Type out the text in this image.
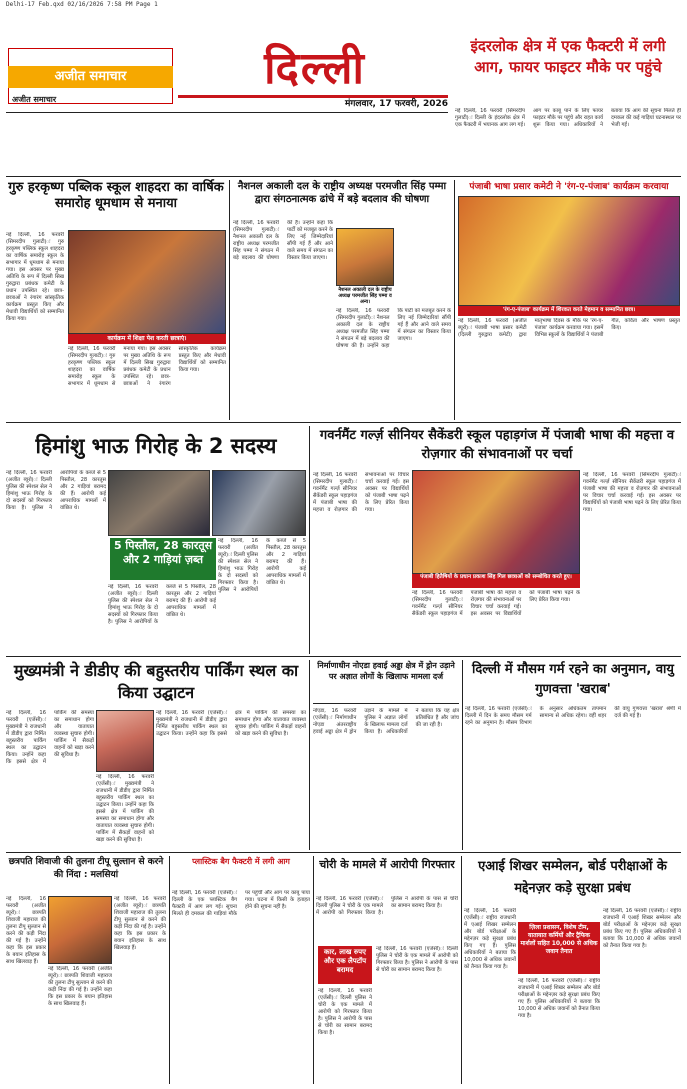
Delhi-17 Feb.qxd 02/16/2026 7:58 PM Page 1
अजीत समाचार
अजीत समाचार
दिल्ली
मंगलवार, 17 फरवरी, 2026
इंदरलोक क्षेत्र में एक फैक्टरी में लगी आग, फायर फाइटर मौके पर पहुंचे
नई दिल्ली, 16 फरवरी (सिमरदीप गुलाटी)ः दिल्ली के इंदरलोक क्षेत्र में एक फैक्टरी में भयानक आग लग गई। आग पर काबू पाने के लिए फायर फाइटर मौके पर पहुंचे और राहत कार्य शुरू किया गया। अधिकारियों ने बताया कि आग की सूचना मिलते ही दमकल की कई गाड़ियां घटनास्थल पर भेजी गईं।
गुरु हरकृष्ण पब्लिक स्कूल शाहदरा का वार्षिक समारोह धूमधाम से मनाया
कार्यक्रम में शिक्षा पेश करती छात्राएं।
नई दिल्ली, 16 फरवरी (सिमरदीप गुलाटी)ः गुरु हरकृष्ण पब्लिक स्कूल शाहदरा का वार्षिक समारोह स्कूल के सभागार में धूमधाम से मनाया गया। इस अवसर पर मुख्य अतिथि के रूप में दिल्ली सिख गुरुद्वारा प्रबंधक कमेटी के प्रधान उपस्थित रहे। छात्र-छात्राओं ने रंगारंग सांस्कृतिक कार्यक्रम प्रस्तुत किए और मेधावी विद्यार्थियों को सम्मानित किया गया।
नई दिल्ली, 16 फरवरी (सिमरदीप गुलाटी)ः गुरु हरकृष्ण पब्लिक स्कूल शाहदरा का वार्षिक समारोह स्कूल के सभागार में धूमधाम से मनाया गया। इस अवसर पर मुख्य अतिथि के रूप में दिल्ली सिख गुरुद्वारा प्रबंधक कमेटी के प्रधान उपस्थित रहे। छात्र-छात्राओं ने रंगारंग सांस्कृतिक कार्यक्रम प्रस्तुत किए और मेधावी विद्यार्थियों को सम्मानित किया गया।
नैशनल अकाली दल के राष्ट्रीय अध्यक्ष परमजीत सिंह पम्मा द्वारा संगठनात्मक ढांचे में बड़े बदलाव की घोषणा
नई दिल्ली, 16 फरवरी (सिमरदीप गुलाटी)ः नैशनल अकाली दल के राष्ट्रीय अध्यक्ष परमजीत सिंह पम्मा ने संगठन में बड़े बदलाव की घोषणा की है। उन्होंने कहा कि पार्टी को मजबूत करने के लिए नई जिम्मेदारियां सौंपी गई हैं और आने वाले समय में संगठन का विस्तार किया जाएगा।
नैशनल अकाली दल के राष्ट्रीय अध्यक्ष परमजीत सिंह पम्मा व अन्य।
नई दिल्ली, 16 फरवरी (सिमरदीप गुलाटी)ः नैशनल अकाली दल के राष्ट्रीय अध्यक्ष परमजीत सिंह पम्मा ने संगठन में बड़े बदलाव की घोषणा की है। उन्होंने कहा कि पार्टी को मजबूत करने के लिए नई जिम्मेदारियां सौंपी गई हैं और आने वाले समय में संगठन का विस्तार किया जाएगा।
पंजाबी भाषा प्रसार कमेटी ने 'रंग-ए-पंजाब' कार्यक्रम करवाया
'रंग-ए-पंजाब' कार्यक्रम में शिरकत करते मेहमान व सम्मानित छात्र।
नई दिल्ली, 16 फरवरी (अजीत ब्यूरो)ः पंजाबी भाषा प्रसार कमेटी (दिल्ली गुरुद्वारा कमेटी) द्वारा मातृभाषा दिवस के मौके पर 'रंग-ए-पंजाब' कार्यक्रम करवाया गया। इसमें विभिन्न स्कूलों के विद्यार्थियों ने पंजाबी गीत, कविता और भाषण प्रस्तुत किए।
हिमांशु भाऊ गिरोह के 2 सदस्य
नई दिल्ली, 16 फरवरी (अजीत ब्यूरो)ः दिल्ली पुलिस की स्पेशल सेल ने हिमांशु भाऊ गिरोह के दो सदस्यों को गिरफ्तार किया है। पुलिस ने आरोपियों के कब्जे से 5 पिस्तौल, 28 कारतूस और 2 गाड़ियां बरामद की हैं। आरोपी कई आपराधिक मामलों में वांछित थे।
5 पिस्तौल, 28 कारतूस और 2 गाड़ियां ज़ब्त
नई दिल्ली, 16 फरवरी (अजीत ब्यूरो)ः दिल्ली पुलिस की स्पेशल सेल ने हिमांशु भाऊ गिरोह के दो सदस्यों को गिरफ्तार किया है। पुलिस ने आरोपियों के कब्जे से 5 पिस्तौल, 28 कारतूस और 2 गाड़ियां बरामद की हैं। आरोपी कई आपराधिक मामलों में वांछित थे।
नई दिल्ली, 16 फरवरी (अजीत ब्यूरो)ः दिल्ली पुलिस की स्पेशल सेल ने हिमांशु भाऊ गिरोह के दो सदस्यों को गिरफ्तार किया है। पुलिस ने आरोपियों के कब्जे से 5 पिस्तौल, 28 कारतूस और 2 गाड़ियां बरामद की हैं। आरोपी कई आपराधिक मामलों में वांछित थे।
गवर्नमैंट गर्ल्ज़ सीनियर सैकेंडरी स्कूल पहाड़गंज में पंजाबी भाषा की महत्ता व रोज़गार की संभावनाओं पर चर्चा
नई दिल्ली, 16 फरवरी (सिमरदीप गुलाटी)ः गवर्नमैंट गर्ल्ज़ सीनियर सैकेंडरी स्कूल पहाड़गंज में पंजाबी भाषा की महत्ता व रोज़गार की संभावनाओं पर विचार चर्चा करवाई गई। इस अवसर पर विद्यार्थियों को पंजाबी भाषा पढ़ने के लिए प्रेरित किया गया।
पंजाबी हितैषियों के प्रधान प्रकाश सिंह गिल छात्राओं को सम्बोधित करते हुए।
नई दिल्ली, 16 फरवरी (सिमरदीप गुलाटी)ः गवर्नमैंट गर्ल्ज़ सीनियर सैकेंडरी स्कूल पहाड़गंज में पंजाबी भाषा की महत्ता व रोज़गार की संभावनाओं पर विचार चर्चा करवाई गई। इस अवसर पर विद्यार्थियों को पंजाबी भाषा पढ़ने के लिए प्रेरित किया गया।
नई दिल्ली, 16 फरवरी (सिमरदीप गुलाटी)ः गवर्नमैंट गर्ल्ज़ सीनियर सैकेंडरी स्कूल पहाड़गंज में पंजाबी भाषा की महत्ता व रोज़गार की संभावनाओं पर विचार चर्चा करवाई गई। इस अवसर पर विद्यार्थियों को पंजाबी भाषा पढ़ने के लिए प्रेरित किया गया।
मुख्यमंत्री ने डीडीए की बहुस्तरीय पार्किंग स्थल का किया उद्घाटन
नई दिल्ली, 16 फरवरी (एजेंसी)ः मुख्यमंत्री ने राजधानी में डीडीए द्वारा निर्मित बहुस्तरीय पार्किंग स्थल का उद्घाटन किया। उन्होंने कहा कि इससे क्षेत्र में पार्किंग की समस्या का समाधान होगा और यातायात व्यवस्था सुचारु होगी। पार्किंग में सैकड़ों वाहनों को खड़ा करने की सुविधा है।
नई दिल्ली, 16 फरवरी (एजेंसी)ः मुख्यमंत्री ने राजधानी में डीडीए द्वारा निर्मित बहुस्तरीय पार्किंग स्थल का उद्घाटन किया। उन्होंने कहा कि इससे क्षेत्र में पार्किंग की समस्या का समाधान होगा और यातायात व्यवस्था सुचारु होगी। पार्किंग में सैकड़ों वाहनों को खड़ा करने की सुविधा है।
नई दिल्ली, 16 फरवरी (एजेंसी)ः मुख्यमंत्री ने राजधानी में डीडीए द्वारा निर्मित बहुस्तरीय पार्किंग स्थल का उद्घाटन किया। उन्होंने कहा कि इससे क्षेत्र में पार्किंग की समस्या का समाधान होगा और यातायात व्यवस्था सुचारु होगी। पार्किंग में सैकड़ों वाहनों को खड़ा करने की सुविधा है।
निर्माणाधीन नोएडा हवाई अड्डा क्षेत्र में ड्रोन उड़ाने पर अज्ञात लोगों के खिलाफ मामला दर्ज
नोएडा, 16 फरवरी (एजेंसी)ः निर्माणाधीन नोएडा अंतरराष्ट्रीय हवाई अड्डा क्षेत्र में ड्रोन उड़ाने के मामले में पुलिस ने अज्ञात लोगों के खिलाफ मामला दर्ज किया है। अधिकारियों ने बताया कि यह क्षेत्र प्रतिबंधित है और जांच की जा रही है।
दिल्ली में मौसम गर्म रहने का अनुमान, वायु गुणवत्ता 'खराब'
नई दिल्ली, 16 फरवरी (एजेंसी)ः दिल्ली में दिन के समय मौसम गर्म रहने का अनुमान है। मौसम विभाग के अनुसार अधिकतम तापमान सामान्य से अधिक रहेगा। वहीं शहर की वायु गुणवत्ता 'खराब' श्रेणी में दर्ज की गई है।
छत्रपति शिवाजी की तुलना टीपू सुल्तान से करने की निंदा : मलसियां
नई दिल्ली, 16 फरवरी (अजीत ब्यूरो)ः छत्रपति शिवाजी महाराज की तुलना टीपू सुल्तान से करने की कड़ी निंदा की गई है। उन्होंने कहा कि इस प्रकार के बयान इतिहास के साथ खिलवाड़ हैं।
नई दिल्ली, 16 फरवरी (अजीत ब्यूरो)ः छत्रपति शिवाजी महाराज की तुलना टीपू सुल्तान से करने की कड़ी निंदा की गई है। उन्होंने कहा कि इस प्रकार के बयान इतिहास के साथ खिलवाड़ हैं।
नई दिल्ली, 16 फरवरी (अजीत ब्यूरो)ः छत्रपति शिवाजी महाराज की तुलना टीपू सुल्तान से करने की कड़ी निंदा की गई है। उन्होंने कहा कि इस प्रकार के बयान इतिहास के साथ खिलवाड़ हैं।
प्लास्टिक बैग फैक्टरी में लगी आग
नई दिल्ली, 16 फरवरी (एजेंसी)ः दिल्ली के एक प्लास्टिक बैग फैक्टरी में आग लग गई। सूचना मिलते ही दमकल की गाड़ियां मौके पर पहुंचीं और आग पर काबू पाया गया। घटना में किसी के हताहत होने की सूचना नहीं है।
चोरी के मामले में आरोपी गिरफ्तार
नई दिल्ली, 16 फरवरी (एजेंसी)ः दिल्ली पुलिस ने चोरी के एक मामले में आरोपी को गिरफ्तार किया है। पुलिस ने आरोपी के पास से चोरी का सामान बरामद किया है।
कार, लाख रुपए और एक लैपटॉप बरामद
नई दिल्ली, 16 फरवरी (एजेंसी)ः दिल्ली पुलिस ने चोरी के एक मामले में आरोपी को गिरफ्तार किया है। पुलिस ने आरोपी के पास से चोरी का सामान बरामद किया है।
नई दिल्ली, 16 फरवरी (एजेंसी)ः दिल्ली पुलिस ने चोरी के एक मामले में आरोपी को गिरफ्तार किया है। पुलिस ने आरोपी के पास से चोरी का सामान बरामद किया है।
एआई शिखर सम्मेलन, बोर्ड परीक्षाओं के मद्देनज़र कड़े सुरक्षा प्रबंध
नई दिल्ली, 16 फरवरी (एजेंसी)ः राष्ट्रीय राजधानी में एआई शिखर सम्मेलन और बोर्ड परीक्षाओं के मद्देनज़र कड़े सुरक्षा प्रबंध किए गए हैं। पुलिस अधिकारियों ने बताया कि 10,000 से अधिक जवानों को तैनात किया गया है।
ज़िला प्रशासन, विशेष टीम, यातायात कर्मियों और ट्रैफिक मार्शलों सहित 10,000 से अधिक जवान तैनात
नई दिल्ली, 16 फरवरी (एजेंसी)ः राष्ट्रीय राजधानी में एआई शिखर सम्मेलन और बोर्ड परीक्षाओं के मद्देनज़र कड़े सुरक्षा प्रबंध किए गए हैं। पुलिस अधिकारियों ने बताया कि 10,000 से अधिक जवानों को तैनात किया गया है।
नई दिल्ली, 16 फरवरी (एजेंसी)ः राष्ट्रीय राजधानी में एआई शिखर सम्मेलन और बोर्ड परीक्षाओं के मद्देनज़र कड़े सुरक्षा प्रबंध किए गए हैं। पुलिस अधिकारियों ने बताया कि 10,000 से अधिक जवानों को तैनात किया गया है।
